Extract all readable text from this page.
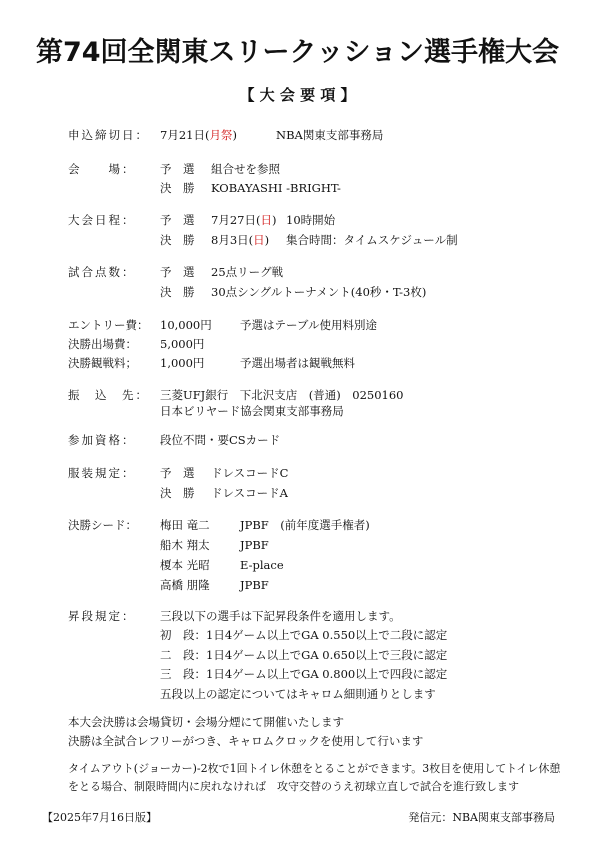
第74回全関東スリークッション選手権大会
【 大 会 要 項 】
申込締切日： 7月21日(月祭)	NBA関東支部事務局
会　　場： 予　選 組合せを参照
決　勝 KOBAYASHI -BRIGHT-
大会日程： 予　選 7月27日(日) 10時開始
決　勝 8月3日(日) 集合時間：タイムスケジュール制
試合点数： 予　選 25点リーグ戦
決　勝 30点シングルトーナメント(40秒・T-3枚)
エントリー費： 10,000円 予選はテーブル使用料別途
決勝出場費： 5,000円
決勝観戦料； 1,000円	予選出場者は観戦無料
振　込　先： 三菱UFJ銀行　下北沢支店　(普通)　0250160
日本ビリヤード協会関東支部事務局
参加資格： 段位不問・要CSカード
服装規定： 予　選 ドレスコードC
決　勝 ドレスコードA
決勝シード： 梅田 竜二	JPBF　(前年度選手権者)
船木 翔太	JPBF
榎本 光昭	E-place
高橋 朋隆	JPBF
昇段規定： 三段以下の選手は下記昇段条件を適用します。
初　段：1日4ゲーム以上でGA 0.550以上で二段に認定
二　段：1日4ゲーム以上でGA 0.650以上で三段に認定
三　段：1日4ゲーム以上でGA 0.800以上で四段に認定
五段以上の認定についてはキャロム細則通りとします
本大会決勝は会場貸切・会場分煙にて開催いたします
決勝は全試合レフリーがつき、キャロムクロックを使用して行います
タイムアウト(ジョーカー)-2枚で1回トイレ休憩をとることができます。3枚目を使用してトイレ休憩
をとる場合、制限時間内に戻れなければ　攻守交替のうえ初球立直しで試合を進行致します
【2025年7月16日版】	発信元：NBA関東支部事務局
